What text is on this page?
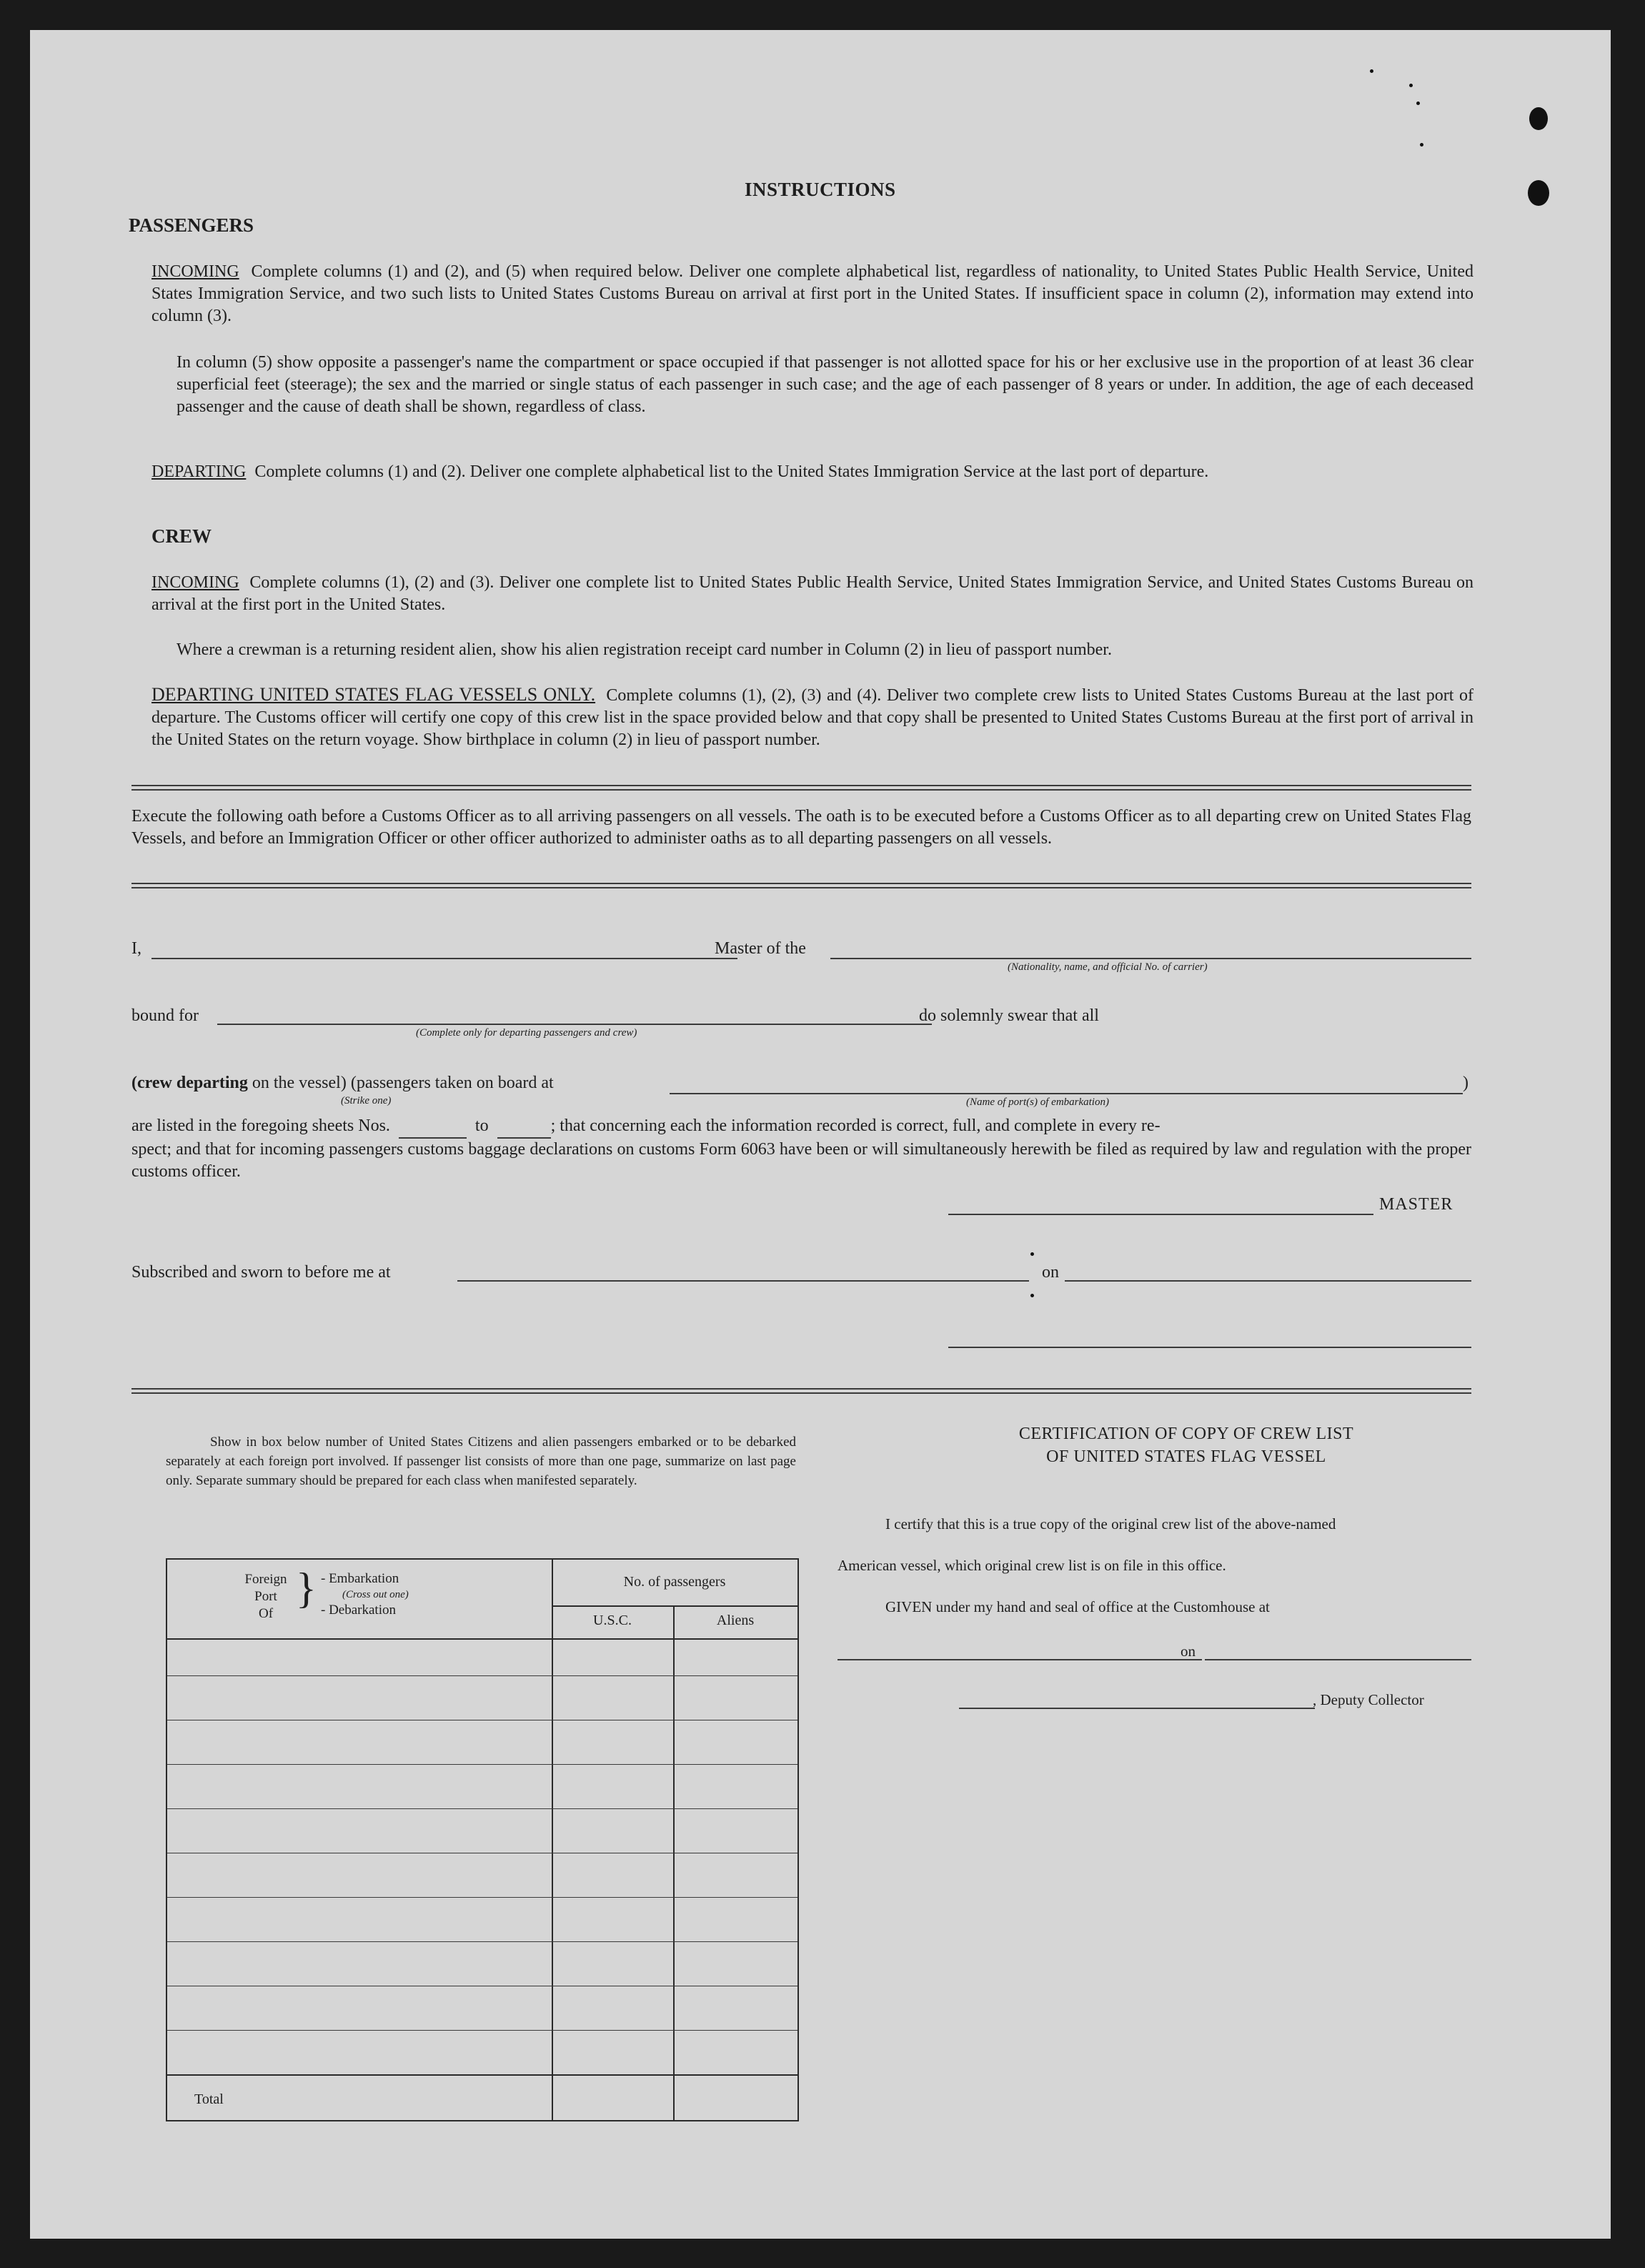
INSTRUCTIONS
PASSENGERS
INCOMING Complete columns (1) and (2), and (5) when required below. Deliver one complete alphabetical list, regardless of nationality, to United States Public Health Service, United States Immigration Service, and two such lists to United States Customs Bureau on arrival at first port in the United States. If insufficient space in column (2), information may extend into column (3).
In column (5) show opposite a passenger's name the compartment or space occupied if that passenger is not allotted space for his or her exclusive use in the proportion of at least 36 clear superficial feet (steerage); the sex and the married or single status of each passenger in such case; and the age of each passenger of 8 years or under. In addition, the age of each deceased passenger and the cause of death shall be shown, regardless of class.
DEPARTING Complete columns (1) and (2). Deliver one complete alphabetical list to the United States Immigration Service at the last port of departure.
CREW
INCOMING Complete columns (1), (2) and (3). Deliver one complete list to United States Public Health Service, United States Immigration Service, and United States Customs Bureau on arrival at the first port in the United States.
Where a crewman is a returning resident alien, show his alien registration receipt card number in Column (2) in lieu of passport number.
DEPARTING UNITED STATES FLAG VESSELS ONLY. Complete columns (1), (2), (3) and (4). Deliver two complete crew lists to United States Customs Bureau at the last port of departure. The Customs officer will certify one copy of this crew list in the space provided below and that copy shall be presented to United States Customs Bureau at the first port of arrival in the United States on the return voyage. Show birthplace in column (2) in lieu of passport number.
Execute the following oath before a Customs Officer as to all arriving passengers on all vessels. The oath is to be executed before a Customs Officer as to all departing crew on United States Flag Vessels, and before an Immigration Officer or other officer authorized to administer oaths as to all departing passengers on all vessels.
I,	Master of the
(Nationality, name, and official No. of carrier)
bound for
(Complete only for departing passengers and crew)
do solemnly swear that all
(crew departing on the vessel) (passengers taken on board at	)
(Strike one)	(Name of port(s) of embarkation)
are listed in the foregoing sheets Nos.	to	; that concerning each the information recorded is correct, full, and complete in every re-
spect; and that for incoming passengers customs baggage declarations on customs Form 6063 have been or will simultaneously herewith be filed as required by law and regulation with the proper customs officer.
MASTER
Subscribed and sworn to before me at	on
Show in box below number of United States Citizens and alien passengers embarked or to be debarked separately at each foreign port involved. If passenger list consists of more than one page, summarize on last page only. Separate summary should be prepared for each class when manifested separately.
Foreign
Port
Of
} - Embarkation
(Cross out one)
- Debarkation
No. of passengers
U.S.C.	Aliens
Total
CERTIFICATION OF COPY OF CREW LIST
OF UNITED STATES FLAG VESSEL
I certify that this is a true copy of the original crew list of the above-named
American vessel, which original crew list is on file in this office.
GIVEN under my hand and seal of office at the Customhouse at
on
, Deputy Collector
